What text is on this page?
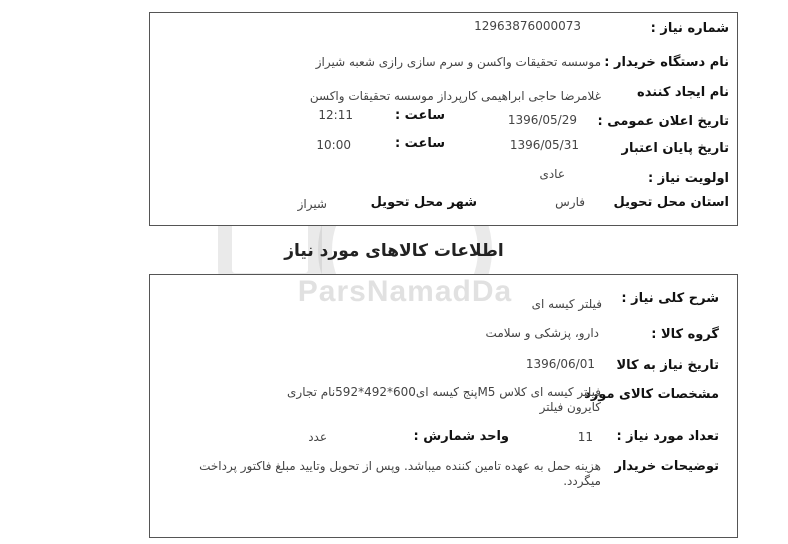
شماره نیاز :
12963876000073
نام دستگاه خریدار :
موسسه تحقیقات واکسن و سرم سازی رازی شعبه شیراز
نام ایجاد کننده
غلامرضا حاجی ابراهیمی کارپرداز موسسه تحقیقات واکسن
تاریخ اعلان عمومی :
1396/05/29
ساعت :
12:11
تاریخ پایان اعتبار
1396/05/31
ساعت :
10:00
اولویت نیاز :
عادی
استان محل تحویل
فارس
شهر محل تحویل
شیراز
اطلاعات کالاهای مورد نیاز
شرح کلی نیاز :
فیلتر کیسه ای
گروه کالا :
دارو، پزشکی و سلامت
تاریخ نیاز به کالا
1396/06/01
مشخصات کالای مورد
فیلتر کیسه ای کلاس M5پنج کیسه ای600*492*592نام تجاری کایرون فیلتر
تعداد مورد نیاز :
11
واحد شمارش :
عدد
توضیحات خریدار
هزینه حمل به عهده تامین کننده میباشد. وپس از تحویل وتایید مبلغ فاکتور پرداخت میگردد.
ParsNamadDa
